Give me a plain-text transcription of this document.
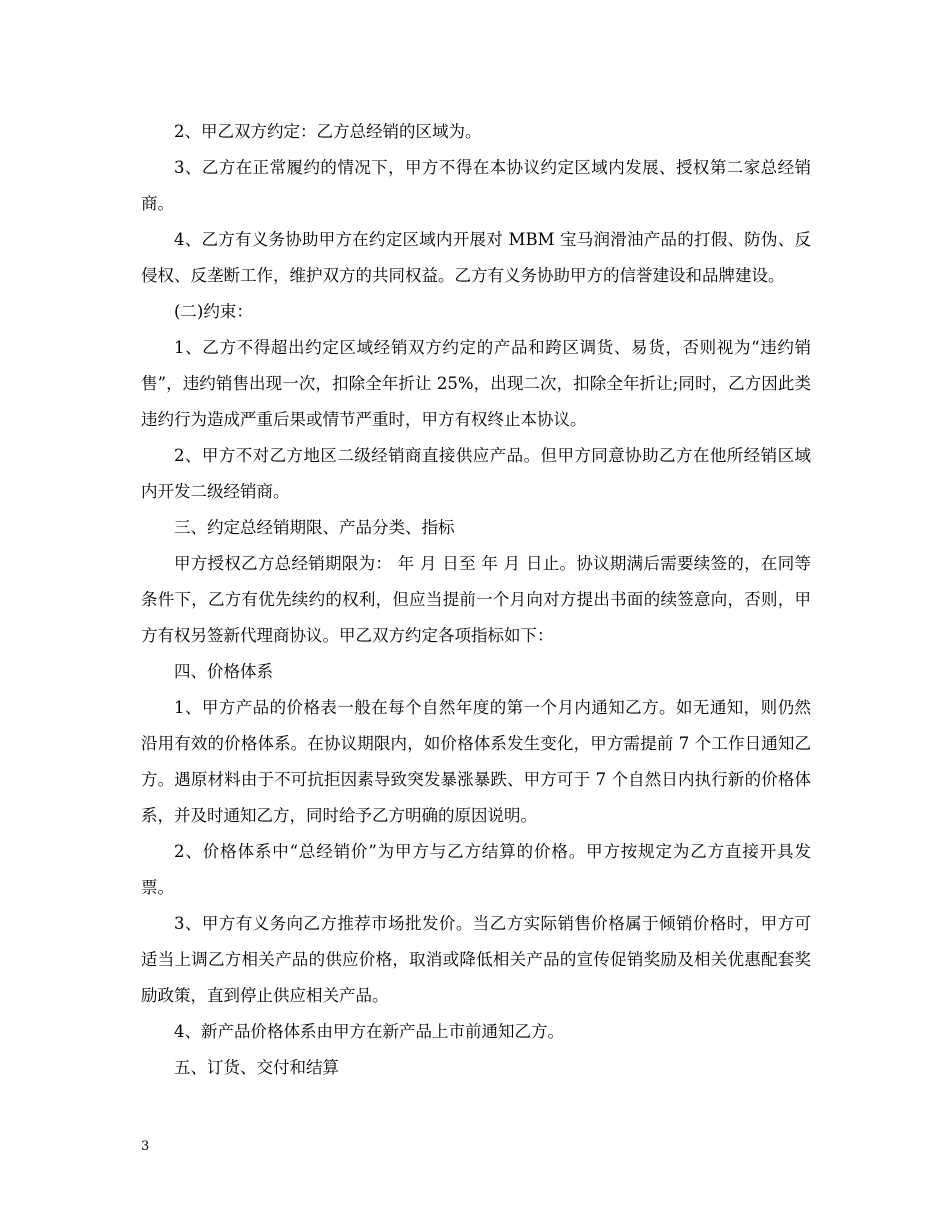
2、甲乙双方约定：乙方总经销的区域为。

3、乙方在正常履约的情况下，甲方不得在本协议约定区域内发展、授权第二家总经销商。

4、乙方有义务协助甲方在约定区域内开展对 MBM 宝马润滑油产品的打假、防伪、反侵权、反垄断工作，维护双方的共同权益。乙方有义务协助甲方的信誉建设和品牌建设。

(二)约束：

1、乙方不得超出约定区域经销双方约定的产品和跨区调货、易货，否则视为“违约销售”，违约销售出现一次，扣除全年折让 25%，出现二次，扣除全年折让;同时，乙方因此类违约行为造成严重后果或情节严重时，甲方有权终止本协议。

2、甲方不对乙方地区二级经销商直接供应产品。但甲方同意协助乙方在他所经销区域内开发二级经销商。

三、约定总经销期限、产品分类、指标

甲方授权乙方总经销期限为： 年 月 日至 年 月 日止。协议期满后需要续签的，在同等条件下，乙方有优先续约的权利，但应当提前一个月向对方提出书面的续签意向，否则，甲方有权另签新代理商协议。甲乙双方约定各项指标如下：

四、价格体系

1、甲方产品的价格表一般在每个自然年度的第一个月内通知乙方。如无通知，则仍然沿用有效的价格体系。在协议期限内，如价格体系发生变化，甲方需提前 7 个工作日通知乙方。遇原材料由于不可抗拒因素导致突发暴涨暴跌、甲方可于 7 个自然日内执行新的价格体系，并及时通知乙方，同时给予乙方明确的原因说明。

2、价格体系中“总经销价”为甲方与乙方结算的价格。甲方按规定为乙方直接开具发票。

3、甲方有义务向乙方推荐市场批发价。当乙方实际销售价格属于倾销价格时，甲方可适当上调乙方相关产品的供应价格，取消或降低相关产品的宣传促销奖励及相关优惠配套奖励政策，直到停止供应相关产品。

4、新产品价格体系由甲方在新产品上市前通知乙方。

五、订货、交付和结算

3
